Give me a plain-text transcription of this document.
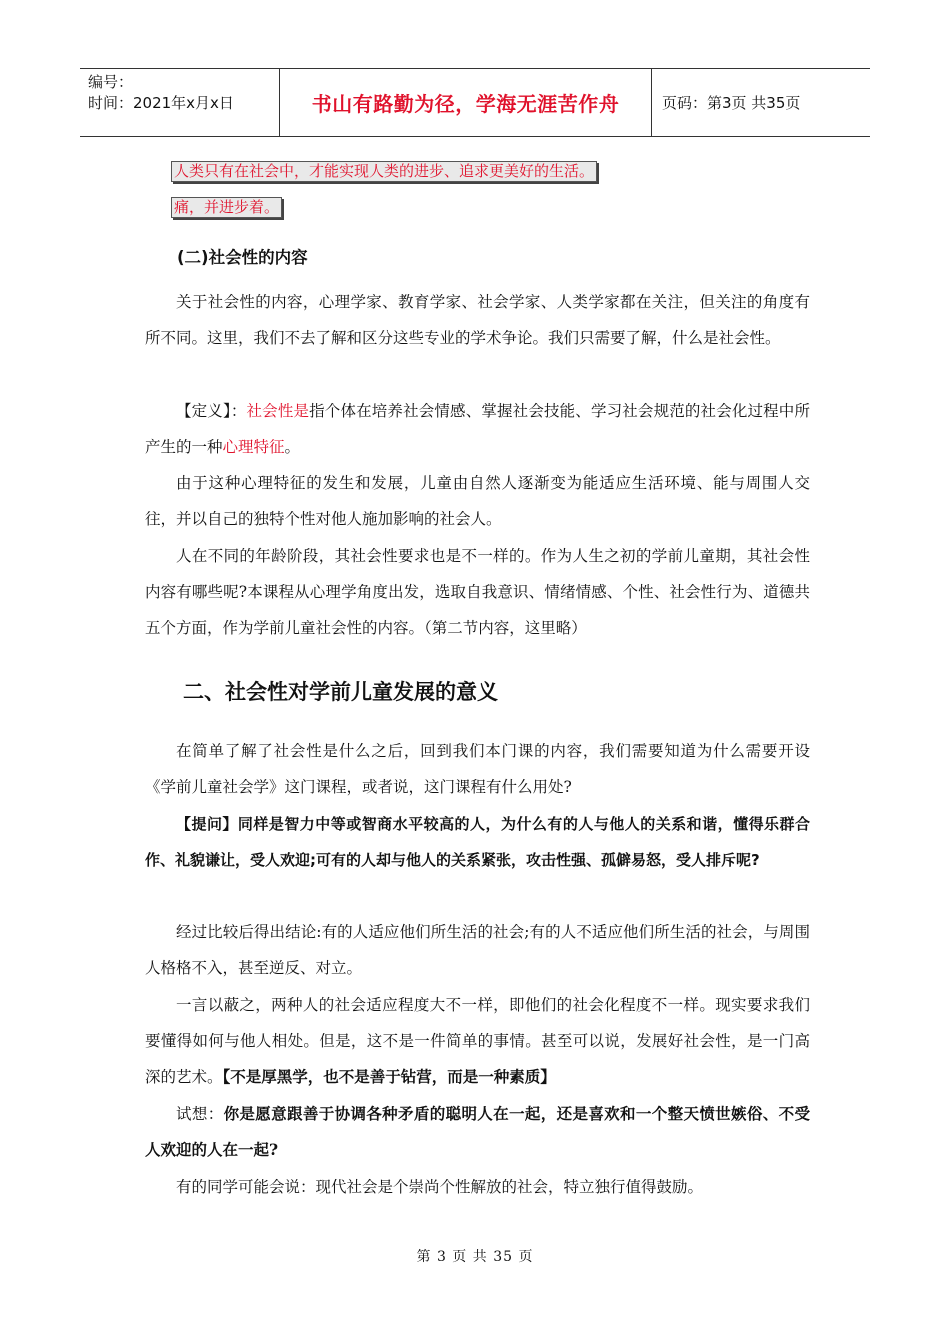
编号：
时间：2021年x月x日	书山有路勤为径，学海无涯苦作舟	页码：第3页 共35页
人类只有在社会中，才能实现人类的进步、追求更美好的生活。
痛，并进步着。
(二)社会性的内容

关于社会性的内容，心理学家、教育学家、社会学家、人类学家都在关注，但关注的角度有所不同。这里，我们不去了解和区分这些专业的学术争论。我们只需要了解，什么是社会性。

【定义】：社会性是指个体在培养社会情感、掌握社会技能、学习社会规范的社会化过程中所产生的一种心理特征。

由于这种心理特征的发生和发展，儿童由自然人逐渐变为能适应生活环境、能与周围人交往，并以自己的独特个性对他人施加影响的社会人。

人在不同的年龄阶段，其社会性要求也是不一样的。作为人生之初的学前儿童期，其社会性内容有哪些呢?本课程从心理学角度出发，选取自我意识、情绪情感、个性、社会性行为、道德共五个方面，作为学前儿童社会性的内容。（第二节内容，这里略）

二、社会性对学前儿童发展的意义

在简单了解了社会性是什么之后，回到我们本门课的内容，我们需要知道为什么需要开设《学前儿童社会学》这门课程，或者说，这门课程有什么用处?

【提问】同样是智力中等或智商水平较高的人，为什么有的人与他人的关系和谐，懂得乐群合作、礼貌谦让，受人欢迎;可有的人却与他人的关系紧张，攻击性强、孤僻易怒，受人排斥呢?

经过比较后得出结论:有的人适应他们所生活的社会;有的人不适应他们所生活的社会，与周围人格格不入，甚至逆反、对立。

一言以蔽之，两种人的社会适应程度大不一样，即他们的社会化程度不一样。现实要求我们要懂得如何与他人相处。但是，这不是一件简单的事情。甚至可以说，发展好社会性，是一门高深的艺术。【不是厚黑学，也不是善于钻营，而是一种素质】

试想：你是愿意跟善于协调各种矛盾的聪明人在一起，还是喜欢和一个整天愤世嫉俗、不受人欢迎的人在一起?

有的同学可能会说：现代社会是个崇尚个性解放的社会，特立独行值得鼓励。

第 3 页 共 35 页
